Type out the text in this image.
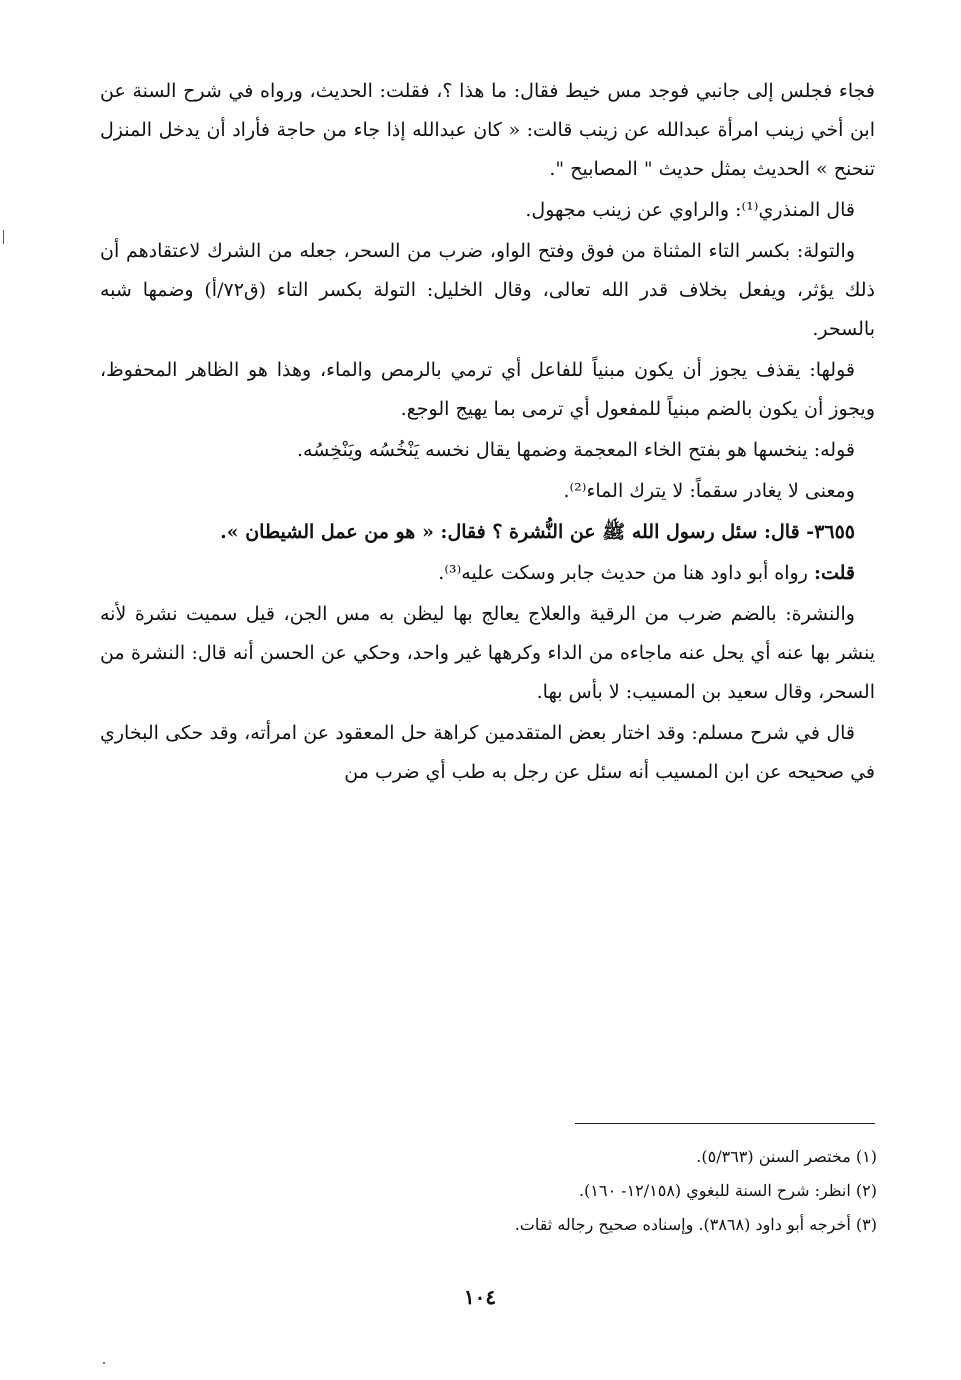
فجاء فجلس إلى جانبي فوجد مس خيط فقال: ما هذا ؟، فقلت: الحديث، ورواه في شرح السنة عن ابن أخي زينب امرأة عبدالله عن زينب قالت: « كان عبدالله إذا جاء من حاجة فأراد أن يدخل المنزل تنحنح » الحديث بمثل حديث " المصابيح ".

قال المنذري⁽¹⁾: والراوي عن زينب مجهول.

والتولة: بكسر التاء المثناة من فوق وفتح الواو، ضرب من السحر، جعله من الشرك لاعتقادهم أن ذلك يؤثر، ويفعل بخلاف قدر الله تعالى، وقال الخليل: التولة بكسر التاء (ق٧٢/أ) وضمها شبه بالسحر.

قولها: يقذف يجوز أن يكون مبنياً للفاعل أي ترمي بالرمص والماء، وهذا هو الظاهر المحفوظ، ويجوز أن يكون بالضم مبنياً للمفعول أي ترمى بما يهيج الوجع.

قوله: ينخسها هو بفتح الخاء المعجمة وضمها يقال نخسه يَنْخُسُه ويَنْخِسُه.

ومعنى لا يغادر سقماً: لا يترك الماء⁽²⁾.

٣٦٥٥- قال: سئل رسول الله ﷺ عن النُّشرة ؟ فقال: « هو من عمل الشيطان ».

قلت: رواه أبو داود هنا من حديث جابر وسكت عليه⁽³⁾.

والنشرة: بالضم ضرب من الرقية والعلاج يعالج بها ليظن به مس الجن، قيل سميت نشرة لأنه ينشر بها عنه أي يحل عنه ماجاءه من الداء وكرهها غير واحد، وحكي عن الحسن أنه قال: النشرة من السحر، وقال سعيد بن المسيب: لا بأس بها.

قال في شرح مسلم: وقد اختار بعض المتقدمين كراهة حل المعقود عن امرأته، وقد حكى البخاري في صحيحه عن ابن المسيب أنه سئل عن رجل به طب أي ضرب من

(١) مختصر السنن (٥/٣٦٣).
(٢) انظر: شرح السنة للبغوي (١٢/١٥٨- ١٦٠).
(٣) أخرجه أبو داود (٣٨٦٨). وإسناده صحيح رجاله ثقات.
١٠٤
